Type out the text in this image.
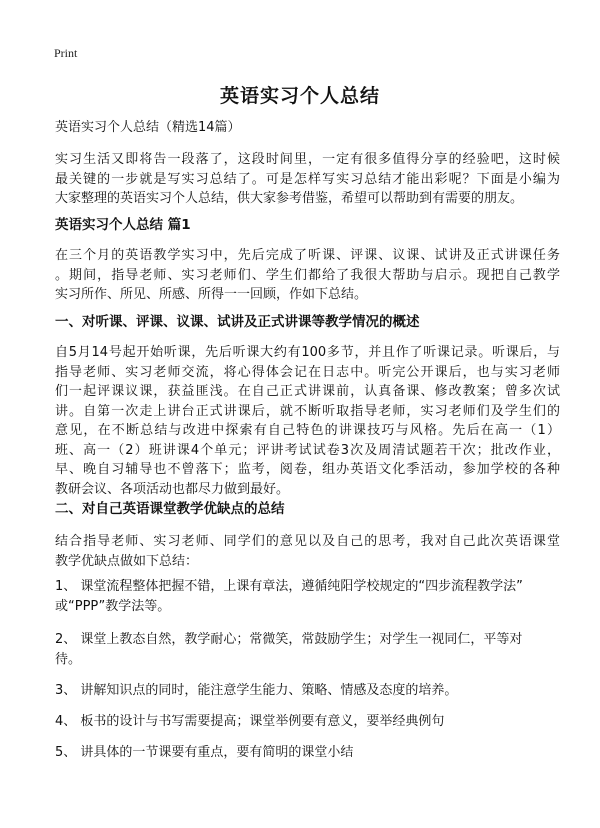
Print
英语实习个人总结

英语实习个人总结（精选14篇）

实习生活又即将告一段落了，这段时间里，一定有很多值得分享的经验吧，这时候
最关键的一步就是写实习总结了。可是怎样写实习总结才能出彩呢？下面是小编为
大家整理的英语实习个人总结，供大家参考借鉴，希望可以帮助到有需要的朋友。

英语实习个人总结 篇1

在三个月的英语教学实习中，先后完成了听课、评课、议课、试讲及正式讲课任务
。期间，指导老师、实习老师们、学生们都给了我很大帮助与启示。现把自己教学
实习所作、所见、所感、所得一一回顾，作如下总结。

一、对听课、评课、议课、试讲及正式讲课等教学情况的概述

自5月14号起开始听课，先后听课大约有100多节，并且作了听课记录。听课后，与
指导老师、实习老师交流，将心得体会记在日志中。听完公开课后，也与实习老师
们一起评课议课，获益匪浅。在自己正式讲课前，认真备课、修改教案；曾多次试
讲。自第一次走上讲台正式讲课后，就不断听取指导老师，实习老师们及学生们的
意见，在不断总结与改进中探索有自己特色的讲课技巧与风格。先后在高一（1）
班、高一（2）班讲课4个单元；评讲考试试卷3次及周清试题若干次；批改作业，
早、晚自习辅导也不曾落下；监考，阅卷，组办英语文化季活动，参加学校的各种
教研会议、各项活动也都尽力做到最好。

二、对自己英语课堂教学优缺点的总结

结合指导老师、实习老师、同学们的意见以及自己的思考，我对自己此次英语课堂
教学优缺点做如下总结：
1、 课堂流程整体把握不错，上课有章法，遵循纯阳学校规定的“四步流程教学法”
或“PPP”教学法等。
2、 课堂上教态自然，教学耐心；常微笑，常鼓励学生；对学生一视同仁，平等对
待。
3、 讲解知识点的同时，能注意学生能力、策略、情感及态度的培养。
4、 板书的设计与书写需要提高；课堂举例要有意义，要举经典例句
5、 讲具体的一节课要有重点，要有简明的课堂小结
